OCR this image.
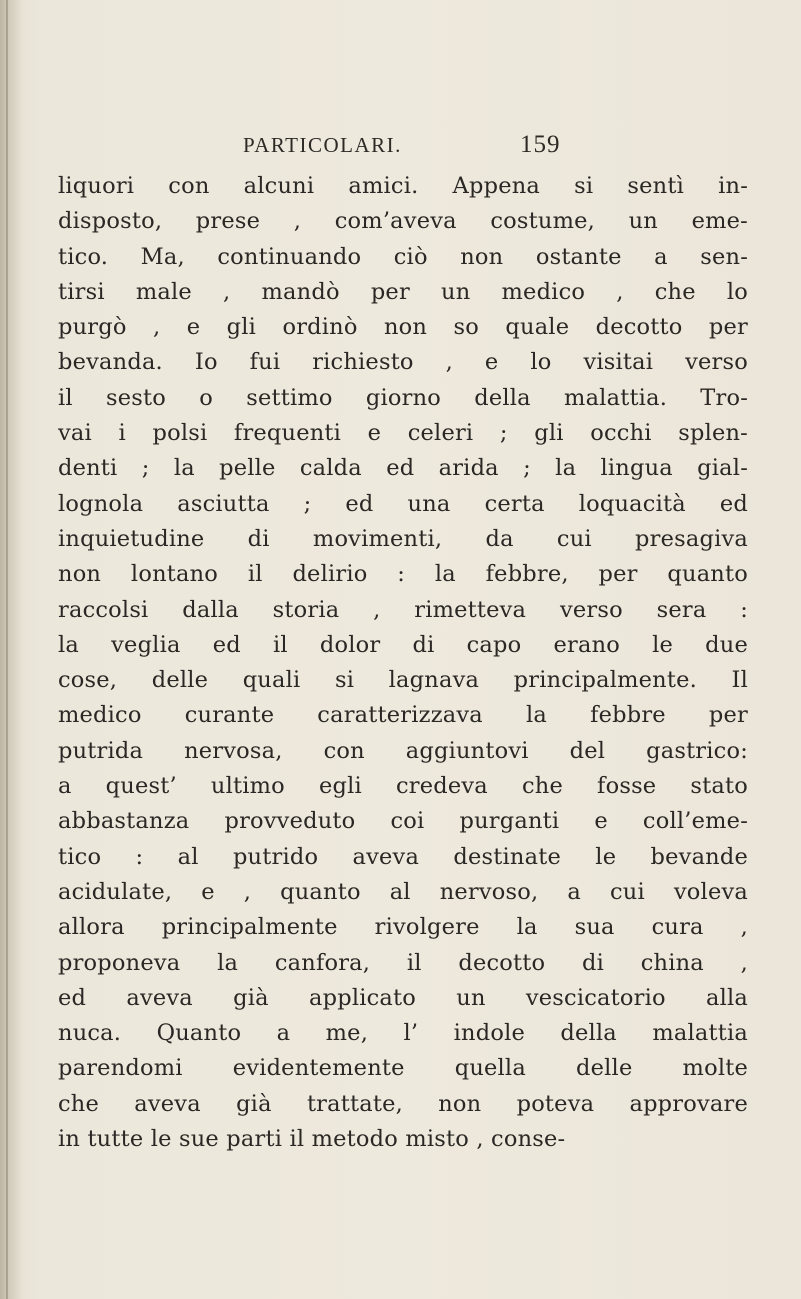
PARTICOLARI.	159
liquori con alcuni amici. Appena si sentì in-
disposto, prese , com’aveva costume, un eme-
tico. Ma, continuando ciò non ostante a sen-
tirsi male , mandò per un medico , che lo
purgò , e gli ordinò non so quale decotto per
bevanda. Io fui richiesto , e lo visitai verso
il sesto o settimo giorno della malattia. Tro-
vai i polsi frequenti e celeri ; gli occhi splen-
denti ; la pelle calda ed arida ; la lingua gial-
lognola asciutta ; ed una certa loquacità ed
inquietudine di movimenti, da cui presagiva
non lontano il delirio : la febbre, per quanto
raccolsi dalla storia , rimetteva verso sera :
la veglia ed il dolor di capo erano le due
cose, delle quali si lagnava principalmente. Il
medico curante caratterizzava la febbre per
putrida nervosa, con aggiuntovi del gastrico:
a quest’ ultimo egli credeva che fosse stato
abbastanza provveduto coi purganti e coll’eme-
tico : al putrido aveva destinate le bevande
acidulate, e , quanto al nervoso, a cui voleva
allora principalmente rivolgere la sua cura ,
proponeva la canfora, il decotto di china ,
ed aveva già applicato un vescicatorio alla
nuca. Quanto a me, l’ indole della malattia
parendomi evidentemente quella delle molte
che aveva già trattate, non poteva approvare
in tutte le sue parti il metodo misto , conse-
